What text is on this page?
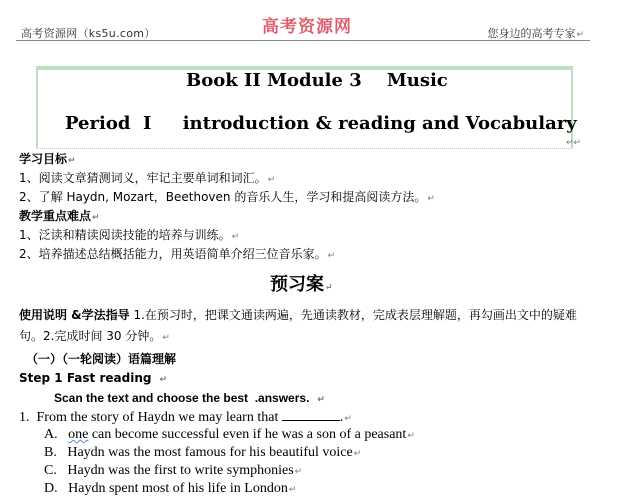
高考资源网（ks5u.com）	高考资源网	您身边的高考专家↵
Book II Module 3    Music
Period  Ⅰ     introduction & reading and Vocabulary
↵↵
学习目标↵
1、阅读文章猜测词义，牢记主要单词和词汇。↵
2、了解 Haydn, Mozart，Beethoven 的音乐人生，学习和提高阅读方法。↵
教学重点难点↵
1、泛读和精读阅读技能的培养与训练。↵
2、培养描述总结概括能力，用英语简单介绍三位音乐家。↵
预习案↵
使用说明 &学法指导 1.在预习时，把课文通读两遍，先通读教材，完成表层理解题，再勾画出文中的疑难句。2.完成时间 30 分钟。↵
（一）（一轮阅读）语篇理解
Step 1 Fast reading ↵
Scan the text and choose the best  .answers. ↵
1.  From the story of Haydn we may learn that	.↵
A. one can become successful even if he was a son of a peasant↵
B. Haydn was the most famous for his beautiful voice↵
C. Haydn was the first to write symphonies↵
D. Haydn spent most of his life in London↵
